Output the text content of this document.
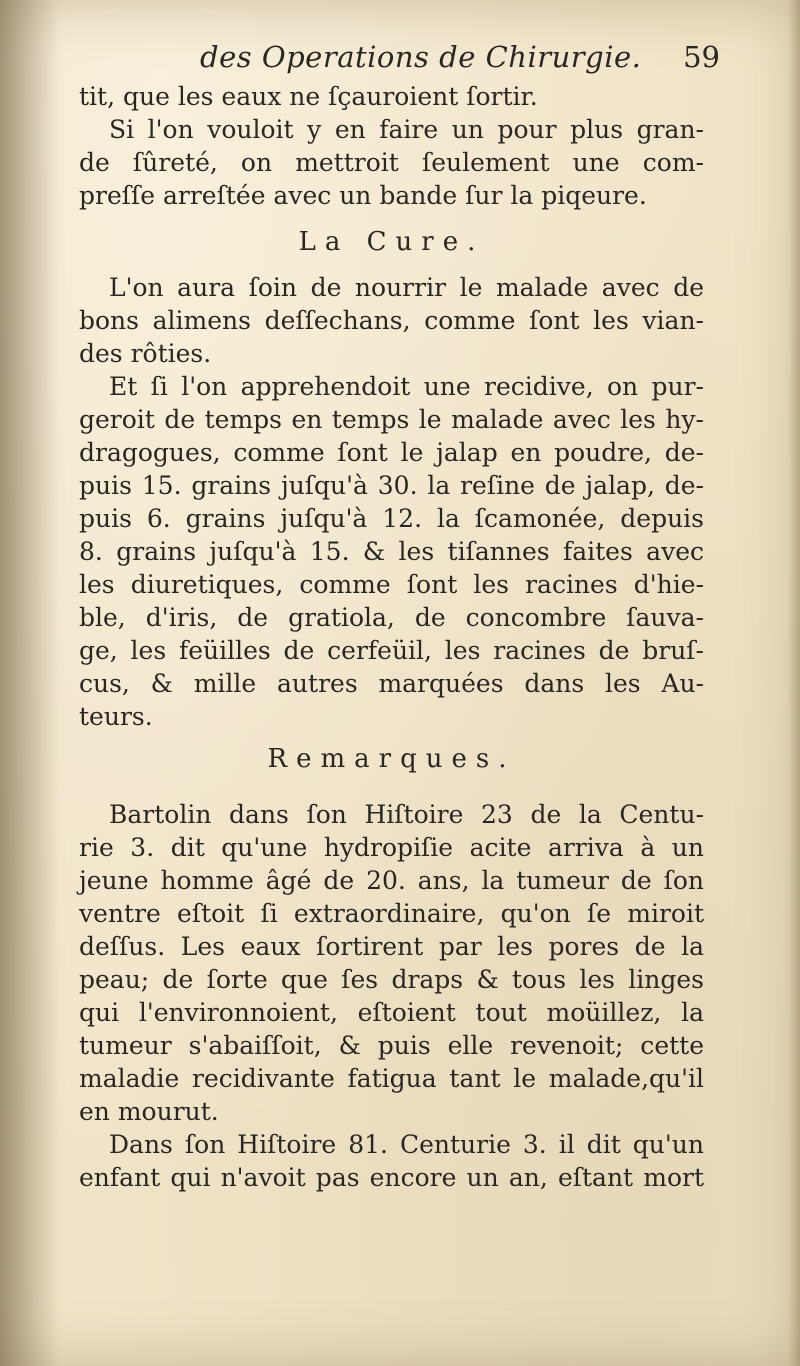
des Operations de Chirurgie. 59
tit, que les eaux ne ſçauroient ſortir.
Si l'on vouloit y en faire un pour plus gran-
de ſûreté, on mettroit ſeulement une com-
preſſe arreſtée avec un bande ſur la piqeure.
La Cure.
L'on aura ſoin de nourrir le malade avec de
bons alimens deſſechans, comme ſont les vian-
des rôties.
Et ſi l'on apprehendoit une recidive, on pur-
geroit de temps en temps le malade avec les hy-
dragogues, comme ſont le jalap en poudre, de-
puis 15. grains juſqu'à 30. la reſine de jalap, de-
puis 6. grains juſqu'à 12. la ſcamonée, depuis
8. grains juſqu'à 15. & les tiſannes faites avec
les diuretiques, comme ſont les racines d'hie-
ble, d'iris, de gratiola, de concombre ſauva-
ge, les feüilles de cerfeüil, les racines de bruſ-
cus, & mille autres marquées dans les Au-
teurs.
Remarques.
Bartolin dans ſon Hiſtoire 23 de la Centu-
rie 3. dit qu'une hydropiſie acite arriva à un
jeune homme âgé de 20. ans, la tumeur de ſon
ventre eſtoit ſi extraordinaire, qu'on ſe miroit
deſſus. Les eaux ſortirent par les pores de la
peau; de ſorte que ſes draps & tous les linges
qui l'environnoient, eſtoient tout moüillez, la
tumeur s'abaiſſoit, & puis elle revenoit; cette
maladie recidivante fatigua tant le malade,qu'il
en mourut.
Dans ſon Hiſtoire 81. Centurie 3. il dit qu'un
enfant qui n'avoit pas encore un an, eſtant mort
